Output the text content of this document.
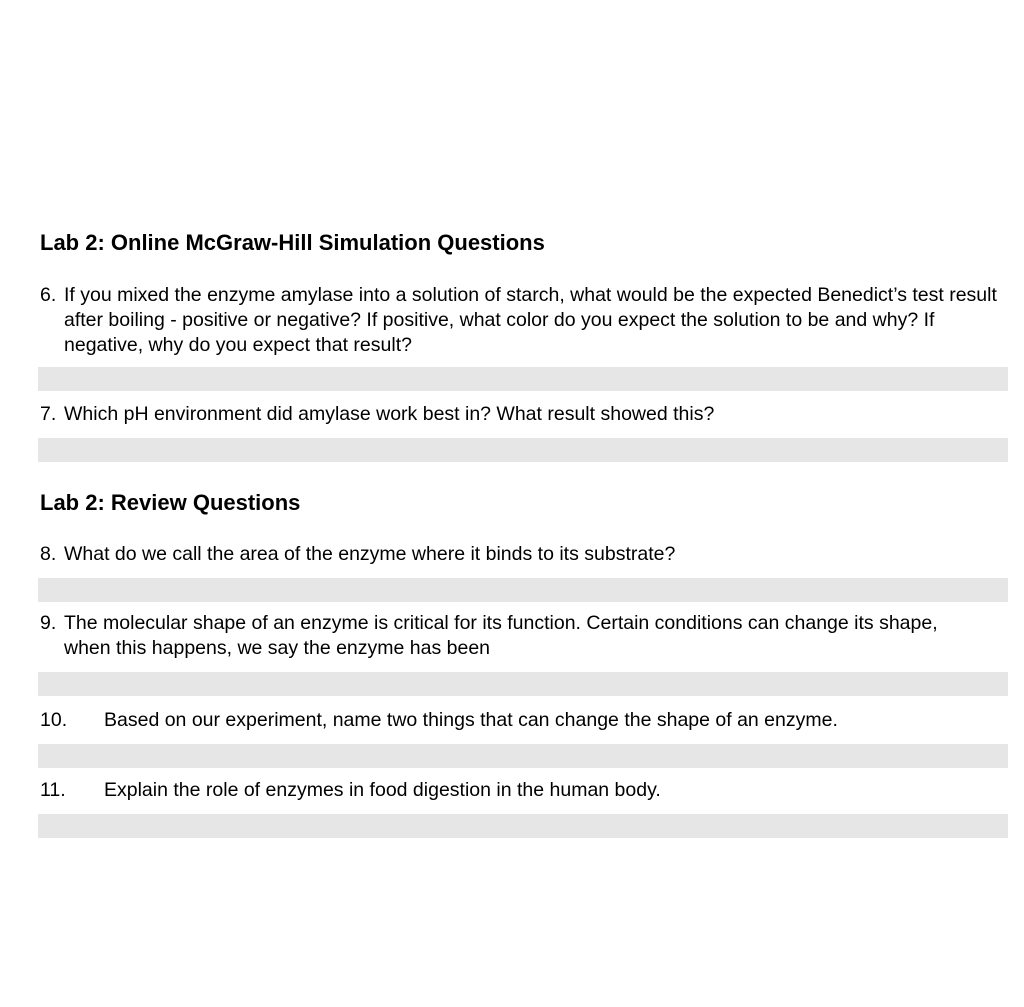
Lab 2: Online McGraw-Hill Simulation Questions
6. If you mixed the enzyme amylase into a solution of starch, what would be the expected Benedict’s test result after boiling - positive or negative? If positive, what color do you expect the solution to be and why? If negative, why do you expect that result?
7. Which pH environment did amylase work best in? What result showed this?
Lab 2: Review Questions
8. What do we call the area of the enzyme where it binds to its substrate?
9. The molecular shape of an enzyme is critical for its function. Certain conditions can change its shape, when this happens, we say the enzyme has been
10. Based on our experiment, name two things that can change the shape of an enzyme.
11. Explain the role of enzymes in food digestion in the human body.
